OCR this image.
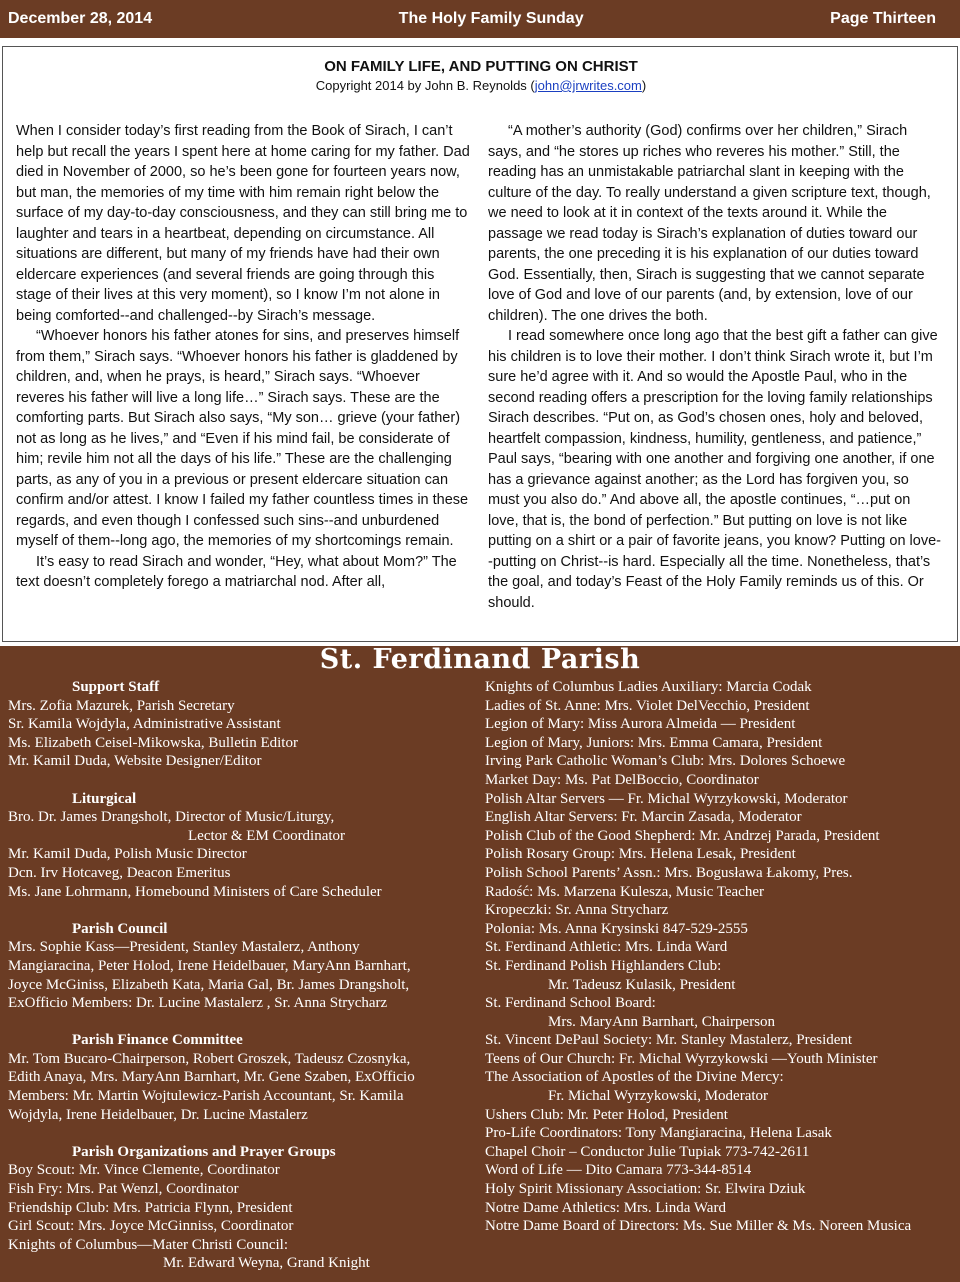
December 28, 2014	The Holy Family Sunday	Page Thirteen
ON FAMILY LIFE, AND PUTTING ON CHRIST
Copyright 2014 by John B. Reynolds (john@jrwrites.com)

When I consider today’s first reading from the Book of Sirach, I can’t help but recall the years I spent here at home caring for my father. Dad died in November of 2000, so he’s been gone for fourteen years now, but man, the memories of my time with him remain right below the surface of my day-to-day consciousness, and they can still bring me to laughter and tears in a heartbeat, depending on circumstance. All situations are different, but many of my friends have had their own eldercare experiences (and several friends are going through this stage of their lives at this very moment), so I know I’m not alone in being comforted--and challenged--by Sirach’s message.

“Whoever honors his father atones for sins, and preserves himself from them,” Sirach says. “Whoever honors his father is gladdened by children, and, when he prays, is heard,” Sirach says. “Whoever reveres his father will live a long life…” Sirach says. These are the comforting parts. But Sirach also says, “My son… grieve (your father) not as long as he lives,” and “Even if his mind fail, be considerate of him; revile him not all the days of his life.” These are the challenging parts, as any of you in a previous or present eldercare situation can confirm and/or attest. I know I failed my father countless times in these regards, and even though I confessed such sins--and unburdened myself of them--long ago, the memories of my shortcomings remain.

It’s easy to read Sirach and wonder, “Hey, what about Mom?” The text doesn’t completely forego a matriarchal nod. After all,

“A mother’s authority (God) confirms over her children,” Sirach says, and “he stores up riches who reveres his mother.” Still, the reading has an unmistakable patriarchal slant in keeping with the culture of the day. To really understand a given scripture text, though, we need to look at it in context of the texts around it. While the passage we read today is Sirach’s explanation of duties toward our parents, the one preceding it is his explanation of our duties toward God. Essentially, then, Sirach is suggesting that we cannot separate love of God and love of our parents (and, by extension, love of our children). The one drives the both.

I read somewhere once long ago that the best gift a father can give his children is to love their mother. I don’t think Sirach wrote it, but I’m sure he’d agree with it. And so would the Apostle Paul, who in the second reading offers a prescription for the loving family relationships Sirach describes. “Put on, as God’s chosen ones, holy and beloved, heartfelt compassion, kindness, humility, gentleness, and patience,” Paul says, “bearing with one another and forgiving one another, if one has a grievance against another; as the Lord has forgiven you, so must you also do.” And above all, the apostle continues, “…put on love, that is, the bond of perfection.” But putting on love is not like putting on a shirt or a pair of favorite jeans, you know? Putting on love--putting on Christ--is hard. Especially all the time. Nonetheless, that’s the goal, and today’s Feast of the Holy Family reminds us of this. Or should.

St. Ferdinand Parish
Support Staff
Mrs. Zofia Mazurek, Parish Secretary
Sr. Kamila Wojdyla, Administrative Assistant
Ms. Elizabeth Ceisel-Mikowska, Bulletin Editor
Mr. Kamil Duda, Website Designer/Editor
Liturgical
Bro. Dr. James Drangsholt, Director of Music/Liturgy,
Lector & EM Coordinator
Mr. Kamil Duda, Polish Music Director
Dcn. Irv Hotcaveg, Deacon Emeritus
Ms. Jane Lohrmann, Homebound Ministers of Care Scheduler
Parish Council
Mrs. Sophie Kass—President, Stanley Mastalerz, Anthony
Mangiaracina, Peter Holod, Irene Heidelbauer, MaryAnn Barnhart,
Joyce McGiniss, Elizabeth Kata, Maria Gal, Br. James Drangsholt,
ExOfficio Members: Dr. Lucine Mastalerz , Sr. Anna Strycharz
Parish Finance Committee
Mr. Tom Bucaro-Chairperson, Robert Groszek, Tadeusz Czosnyka,
Edith Anaya, Mrs. MaryAnn Barnhart, Mr. Gene Szaben, ExOfficio
Members: Mr. Martin Wojtulewicz-Parish Accountant, Sr. Kamila
Wojdyla, Irene Heidelbauer, Dr. Lucine Mastalerz
Parish Organizations and Prayer Groups
Boy Scout: Mr. Vince Clemente, Coordinator
Fish Fry: Mrs. Pat Wenzl, Coordinator
Friendship Club: Mrs. Patricia Flynn, President
Girl Scout: Mrs. Joyce McGinniss, Coordinator
Knights of Columbus—Mater Christi Council:
Mr. Edward Weyna, Grand Knight
Knights of Columbus Ladies Auxiliary: Marcia Codak
Ladies of St. Anne: Mrs. Violet DelVecchio, President
Legion of Mary: Miss Aurora Almeida — President
Legion of Mary, Juniors: Mrs. Emma Camara, President
Irving Park Catholic Woman’s Club: Mrs. Dolores Schoewe
Market Day: Ms. Pat DelBoccio, Coordinator
Polish Altar Servers — Fr. Michal Wyrzykowski, Moderator
English Altar Servers: Fr. Marcin Zasada, Moderator
Polish Club of the Good Shepherd: Mr. Andrzej Parada, President
Polish Rosary Group: Mrs. Helena Lesak, President
Polish School Parents’ Assn.: Mrs. Bogusława Łakomy, Pres.
Radość: Ms. Marzena Kulesza, Music Teacher
Kropeczki: Sr. Anna Strycharz
Polonia: Ms. Anna Krysinski 847-529-2555
St. Ferdinand Athletic: Mrs. Linda Ward
St. Ferdinand Polish Highlanders Club:
Mr. Tadeusz Kulasik, President
St. Ferdinand School Board:
Mrs. MaryAnn Barnhart, Chairperson
St. Vincent DePaul Society: Mr. Stanley Mastalerz, President
Teens of Our Church: Fr. Michal Wyrzykowski —Youth Minister
The Association of Apostles of the Divine Mercy:
Fr. Michal Wyrzykowski, Moderator
Ushers Club: Mr. Peter Holod, President
Pro-Life Coordinators: Tony Mangiaracina, Helena Lasak
Chapel Choir – Conductor Julie Tupiak 773-742-2611
Word of Life — Dito Camara 773-344-8514
Holy Spirit Missionary Association: Sr. Elwira Dziuk
Notre Dame Athletics: Mrs. Linda Ward
Notre Dame Board of Directors: Ms. Sue Miller & Ms. Noreen Musica
